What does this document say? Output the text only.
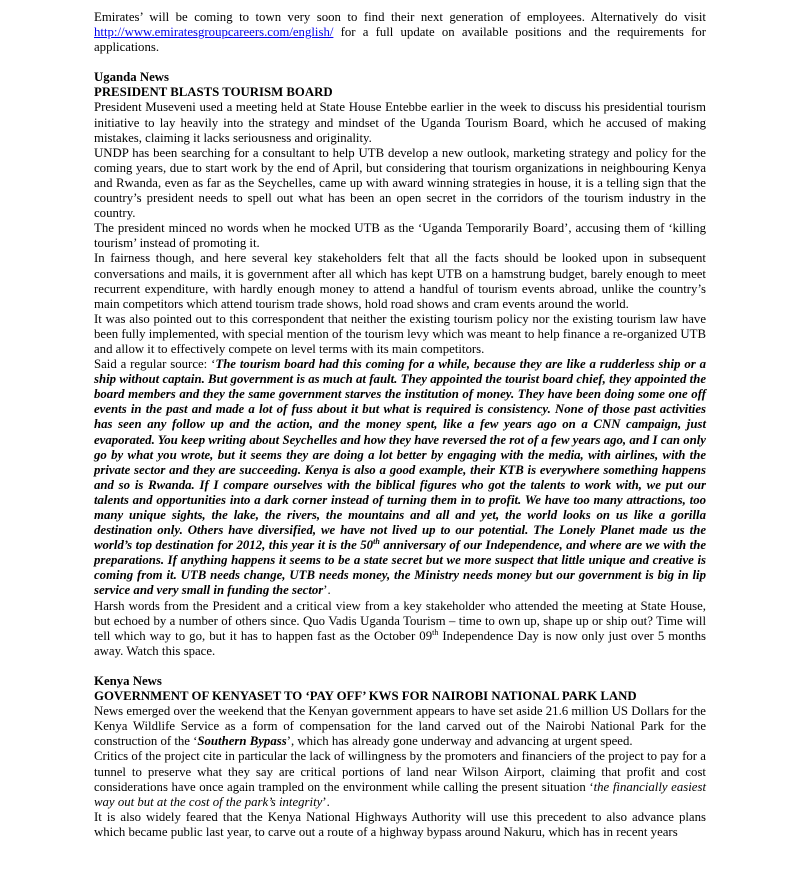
Emirates’ will be coming to town very soon to find their next generation of employees. Alternatively do visit http://www.emiratesgroupcareers.com/english/ for a full update on available positions and the requirements for applications.

Uganda News

PRESIDENT BLASTS TOURISM BOARD

President Museveni used a meeting held at State House Entebbe earlier in the week to discuss his presidential tourism initiative to lay heavily into the strategy and mindset of the Uganda Tourism Board, which he accused of making mistakes, claiming it lacks seriousness and originality.

UNDP has been searching for a consultant to help UTB develop a new outlook, marketing strategy and policy for the coming years, due to start work by the end of April, but considering that tourism organizations in neighbouring Kenya and Rwanda, even as far as the Seychelles, came up with award winning strategies in house, it is a telling sign that the country’s president needs to spell out what has been an open secret in the corridors of the tourism industry in the country.

The president minced no words when he mocked UTB as the ‘Uganda Temporarily Board’, accusing them of ‘killing tourism’ instead of promoting it.

In fairness though, and here several key stakeholders felt that all the facts should be looked upon in subsequent conversations and mails, it is government after all which has kept UTB on a hamstrung budget, barely enough to meet recurrent expenditure, with hardly enough money to attend a handful of tourism events abroad, unlike the country’s main competitors which attend tourism trade shows, hold road shows and cram events around the world.

It was also pointed out to this correspondent that neither the existing tourism policy nor the existing tourism law have been fully implemented, with special mention of the tourism levy which was meant to help finance a re-organized UTB and allow it to effectively compete on level terms with its main competitors.

Said a regular source: ‘The tourism board had this coming for a while, because they are like a rudderless ship or a ship without captain. But government is as much at fault. They appointed the tourist board chief, they appointed the board members and they the same government starves the institution of money. They have been doing some one off events in the past and made a lot of fuss about it but what is required is consistency. None of those past activities has seen any follow up and the action, and the money spent, like a few years ago on a CNN campaign, just evaporated. You keep writing about Seychelles and how they have reversed the rot of a few years ago, and I can only go by what you wrote, but it seems they are doing a lot better by engaging with the media, with airlines, with the private sector and they are succeeding. Kenya is also a good example, their KTB is everywhere something happens and so is Rwanda. If I compare ourselves with the biblical figures who got the talents to work with, we put our talents and opportunities into a dark corner instead of turning them in to profit. We have too many attractions, too many unique sights, the lake, the rivers, the mountains and all and yet, the world looks on us like a gorilla destination only. Others have diversified, we have not lived up to our potential. The Lonely Planet made us the world’s top destination for 2012, this year it is the 50th anniversary of our Independence, and where are we with the preparations. If anything happens it seems to be a state secret but we more suspect that little unique and creative is coming from it. UTB needs change, UTB needs money, the Ministry needs money but our government is big in lip service and very small in funding the sector’.

Harsh words from the President and a critical view from a key stakeholder who attended the meeting at State House, but echoed by a number of others since. Quo Vadis Uganda Tourism – time to own up, shape up or ship out? Time will tell which way to go, but it has to happen fast as the October 09th Independence Day is now only just over 5 months away. Watch this space.

Kenya News

GOVERNMENT OF KENYASET TO ‘PAY OFF’ KWS FOR NAIROBI NATIONAL PARK LAND

News emerged over the weekend that the Kenyan government appears to have set aside 21.6 million US Dollars for the Kenya Wildlife Service as a form of compensation for the land carved out of the Nairobi National Park for the construction of the ‘Southern Bypass’, which has already gone underway and advancing at urgent speed.

Critics of the project cite in particular the lack of willingness by the promoters and financiers of the project to pay for a tunnel to preserve what they say are critical portions of land near Wilson Airport, claiming that profit and cost considerations have once again trampled on the environment while calling the present situation ‘the financially easiest way out but at the cost of the park’s integrity’.

It is also widely feared that the Kenya National Highways Authority will use this precedent to also advance plans which became public last year, to carve out a route of a highway bypass around Nakuru, which has in recent years
